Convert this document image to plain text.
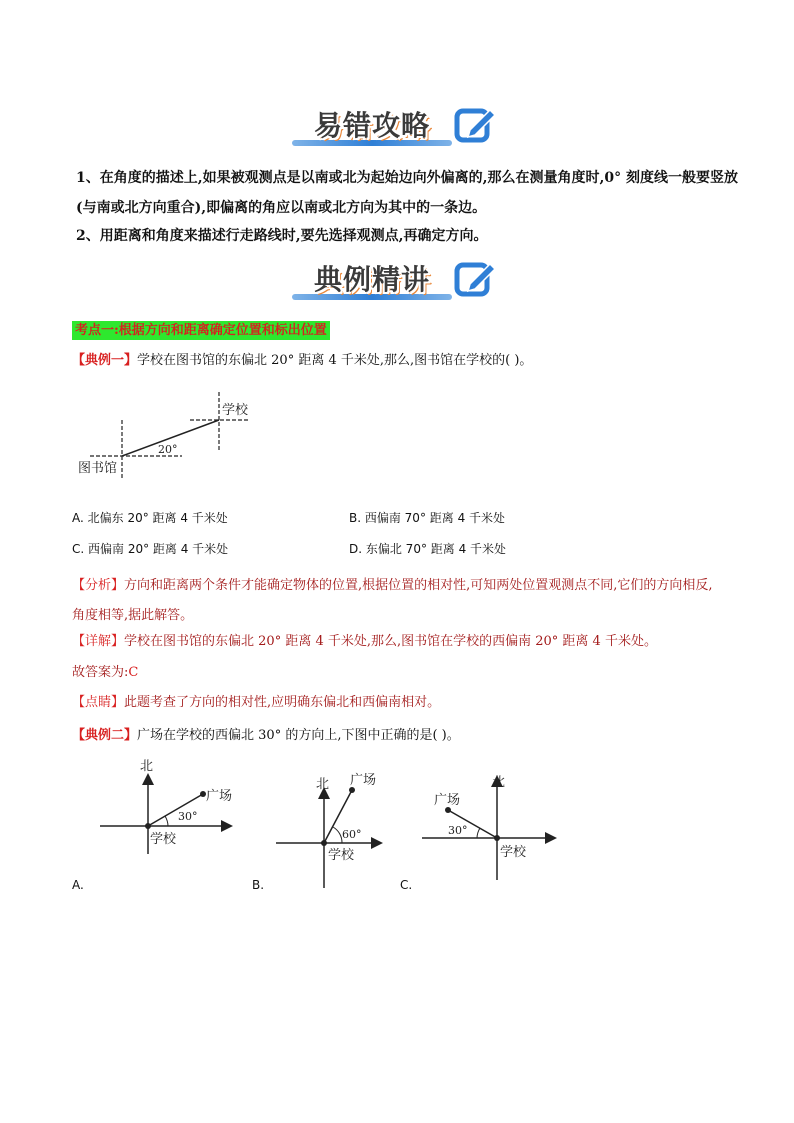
易错攻略
1、在角度的描述上,如果被观测点是以南或北为起始边向外偏离的,那么在测量角度时,0° 刻度线一般要竖放(与南或北方向重合),即偏离的角应以南或北方向为其中的一条边。
2、用距离和角度来描述行走路线时,要先选择观测点,再确定方向。
典例精讲
考点一:根据方向和距离确定位置和标出位置
【典例一】学校在图书馆的东偏北 20° 距离 4 千米处,那么,图书馆在学校的( )。
学校
图书馆
20°
A. 北偏东 20° 距离 4 千米处	B. 西偏南 70° 距离 4 千米处
C. 西偏南 20° 距离 4 千米处	D. 东偏北 70° 距离 4 千米处
【分析】方向和距离两个条件才能确定物体的位置,根据位置的相对性,可知两处位置观测点不同,它们的方向相反,角度相等,据此解答。
【详解】学校在图书馆的东偏北 20° 距离 4 千米处,那么,图书馆在学校的西偏南 20° 距离 4 千米处。
故答案为:C
【点睛】此题考查了方向的相对性,应明确东偏北和西偏南相对。
【典例二】广场在学校的西偏北 30° 的方向上,下图中正确的是( )。
北
广场
学校
30°
A.
北 广场
学校
60°
B.
北
广场
学校
30°
C.
